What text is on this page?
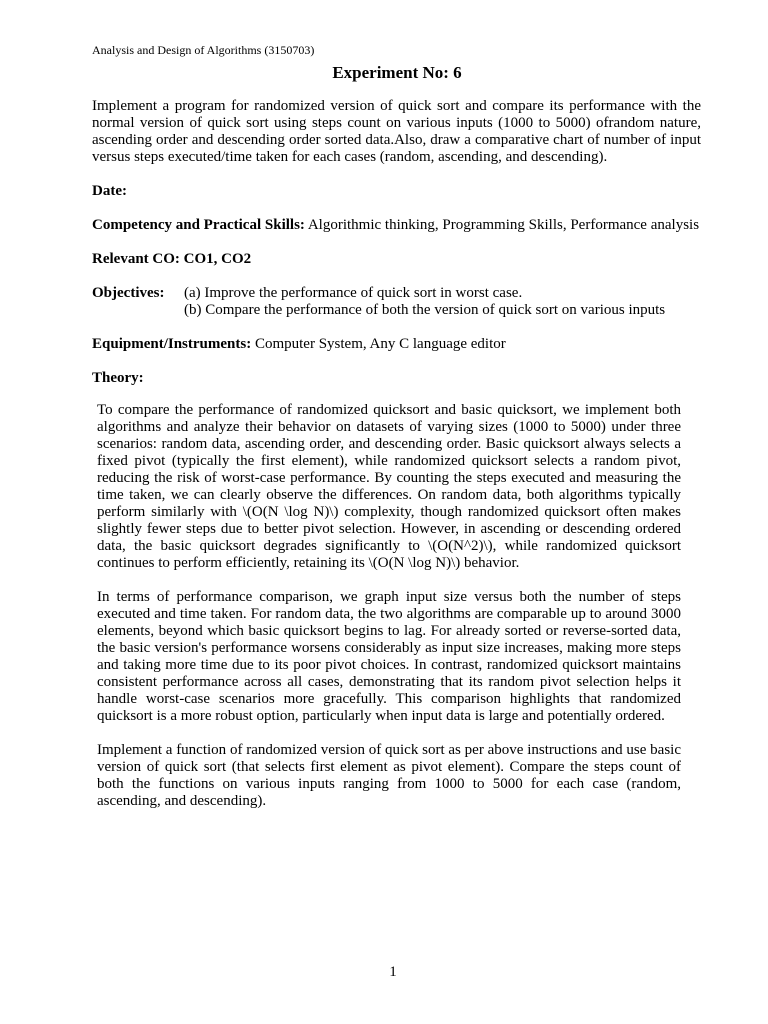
Analysis and Design of Algorithms (3150703)
Experiment No: 6

Implement a program for randomized version of quick sort and compare its performance with the normal version of quick sort using steps count on various inputs (1000 to 5000) ofrandom nature, ascending order and descending order sorted data.Also, draw a comparative chart of number of input versus steps executed/time taken for each cases (random, ascending, and descending).

Date:
Competency and Practical Skills: Algorithmic thinking, Programming Skills, Performance analysis
Relevant CO: CO1, CO2
Objectives:	(a) Improve the performance of quick sort in worst case.
(b) Compare the performance of both the version of quick sort on various inputs
Equipment/Instruments: Computer System, Any C language editor
Theory:

To compare the performance of randomized quicksort and basic quicksort, we implement both algorithms and analyze their behavior on datasets of varying sizes (1000 to 5000) under three scenarios: random data, ascending order, and descending order. Basic quicksort always selects a fixed pivot (typically the first element), while randomized quicksort selects a random pivot, reducing the risk of worst-case performance. By counting the steps executed and measuring the time taken, we can clearly observe the differences. On random data, both algorithms typically perform similarly with \(O(N \log N)\) complexity, though randomized quicksort often makes slightly fewer steps due to better pivot selection. However, in ascending or descending ordered data, the basic quicksort degrades significantly to \(O(N^2)\), while randomized quicksort continues to perform efficiently, retaining its \(O(N \log N)\) behavior.

In terms of performance comparison, we graph input size versus both the number of steps executed and time taken. For random data, the two algorithms are comparable up to around 3000 elements, beyond which basic quicksort begins to lag. For already sorted or reverse-sorted data, the basic version's performance worsens considerably as input size increases, making more steps and taking more time due to its poor pivot choices. In contrast, randomized quicksort maintains consistent performance across all cases, demonstrating that its random pivot selection helps it handle worst-case scenarios more gracefully. This comparison highlights that randomized quicksort is a more robust option, particularly when input data is large and potentially ordered.

Implement a function of randomized version of quick sort as per above instructions and use basic version of quick sort (that selects first element as pivot element). Compare the steps count of both the functions on various inputs ranging from 1000 to 5000 for each case (random, ascending, and descending).

1
